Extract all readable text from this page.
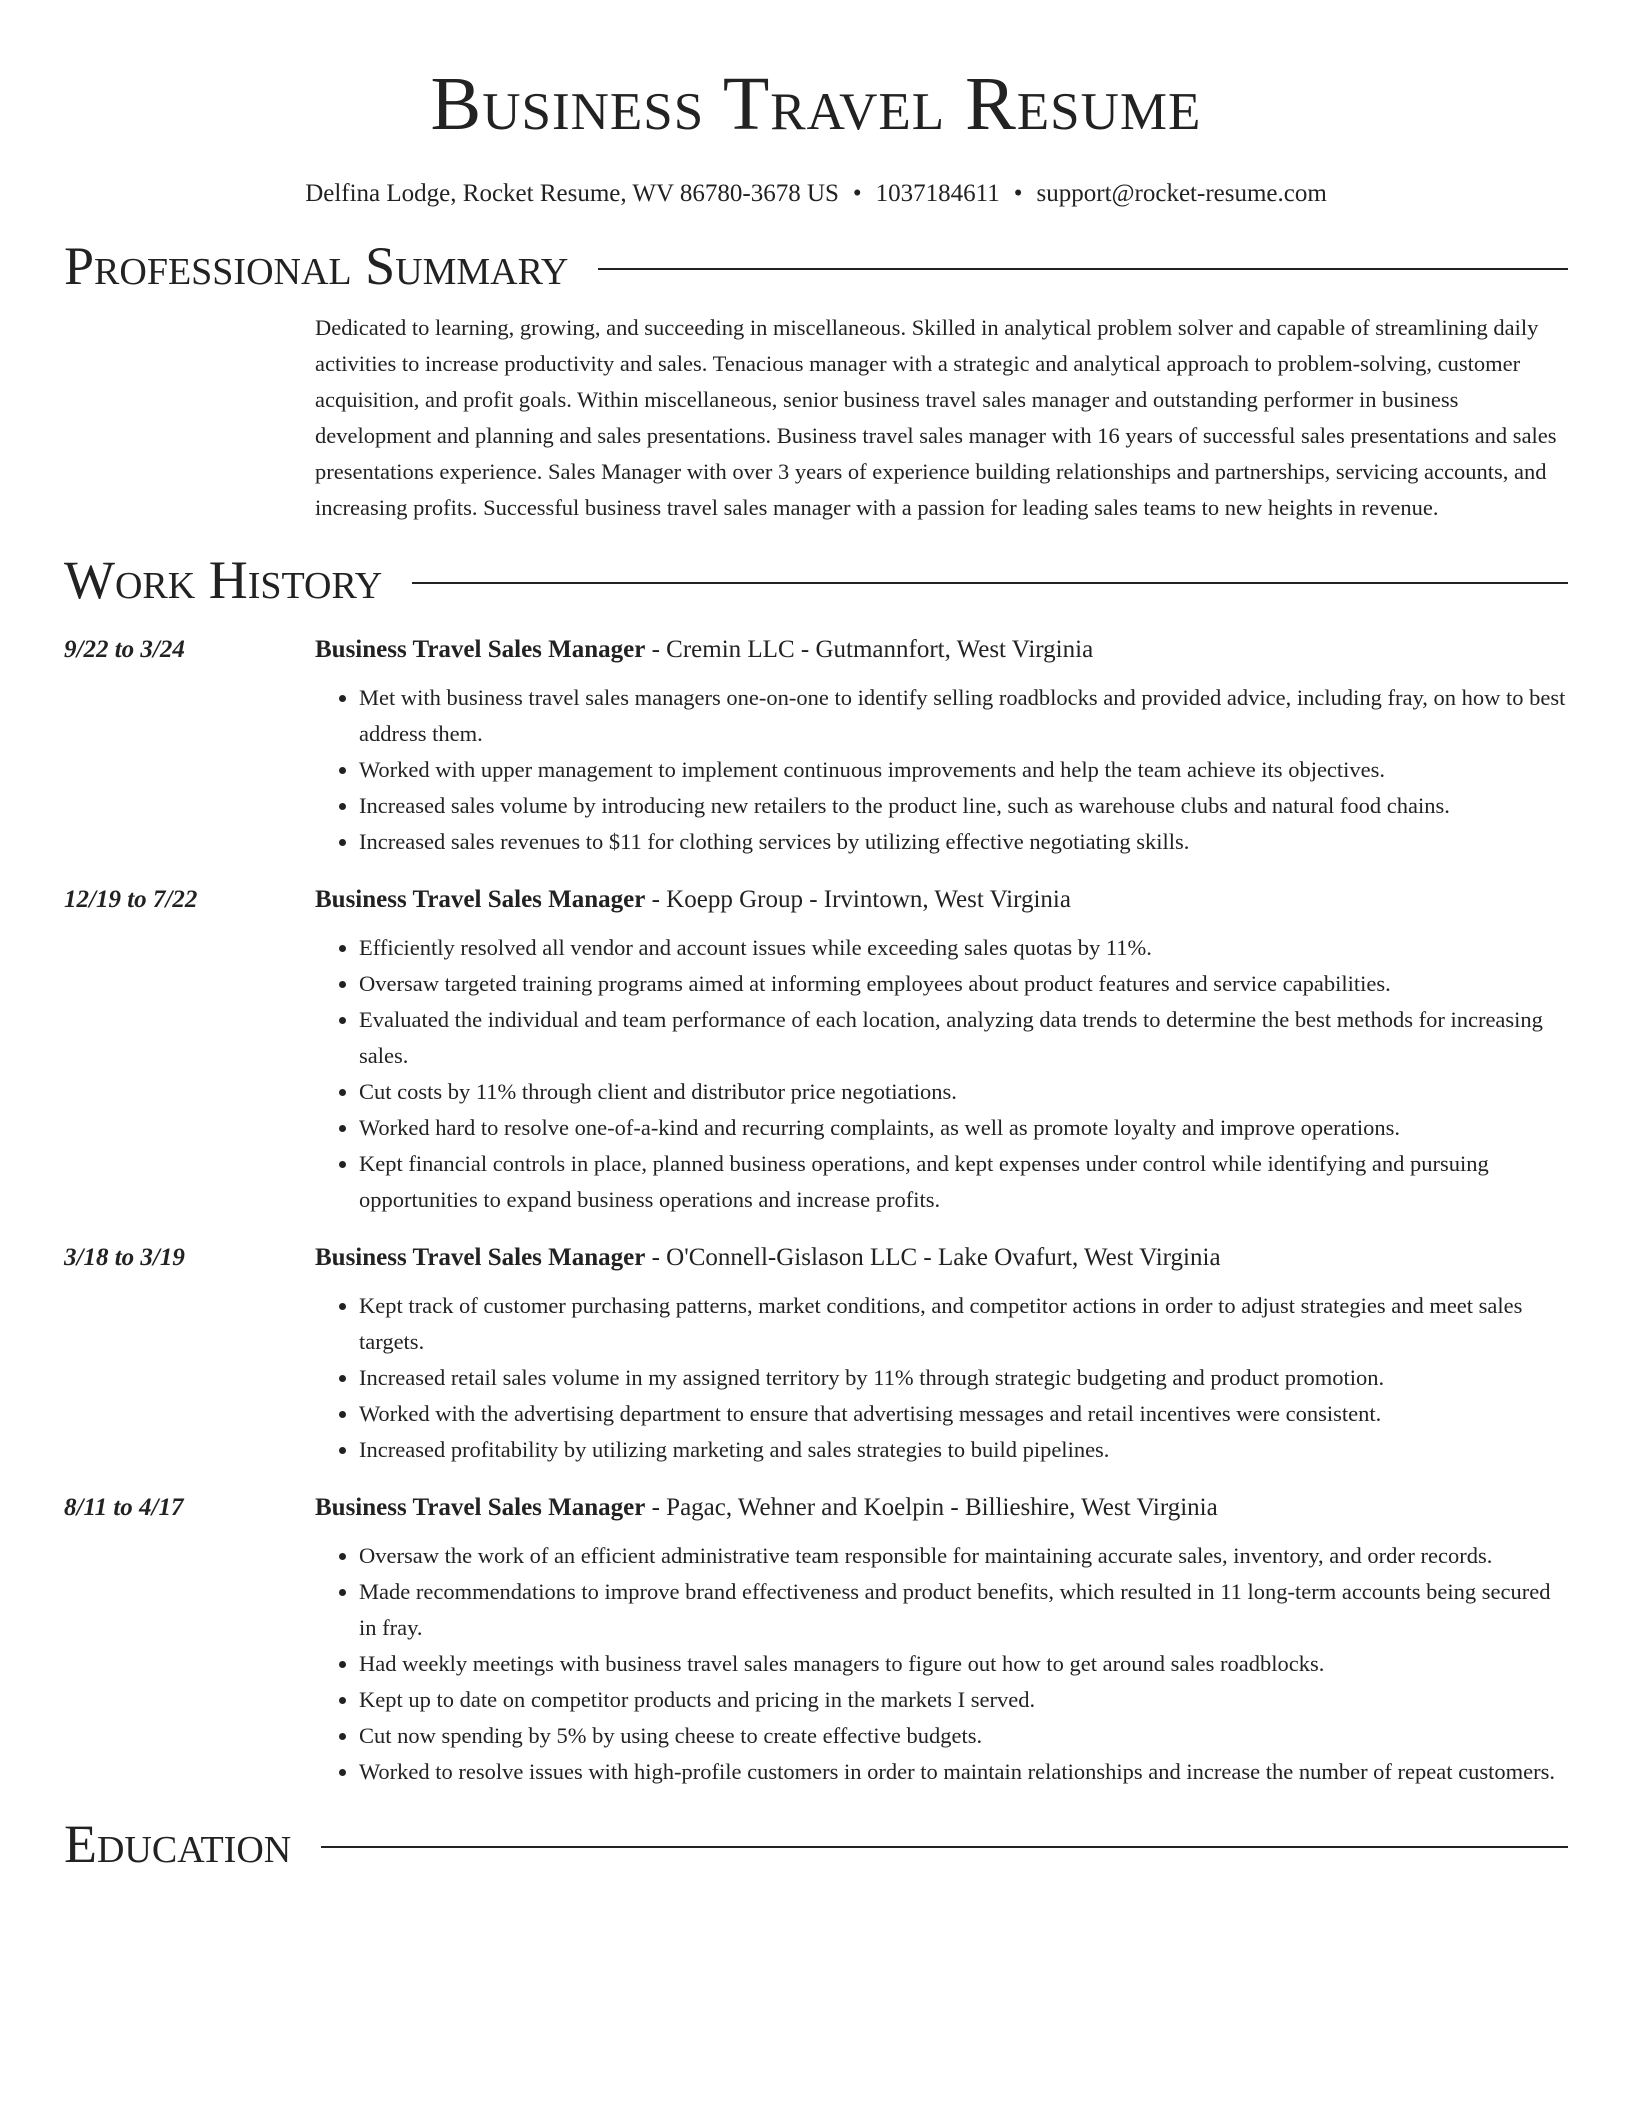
Business Travel Resume
Delfina Lodge, Rocket Resume, WV 86780-3678 US • 1037184611 • support@rocket-resume.com
Professional Summary
Dedicated to learning, growing, and succeeding in miscellaneous. Skilled in analytical problem solver and capable of streamlining daily activities to increase productivity and sales. Tenacious manager with a strategic and analytical approach to problem-solving, customer acquisition, and profit goals. Within miscellaneous, senior business travel sales manager and outstanding performer in business development and planning and sales presentations. Business travel sales manager with 16 years of successful sales presentations and sales presentations experience. Sales Manager with over 3 years of experience building relationships and partnerships, servicing accounts, and increasing profits. Successful business travel sales manager with a passion for leading sales teams to new heights in revenue.
Work History
9/22 to 3/24	Business Travel Sales Manager - Cremin LLC - Gutmannfort, West Virginia
• Met with business travel sales managers one-on-one to identify selling roadblocks and provided advice, including fray, on how to best address them.
• Worked with upper management to implement continuous improvements and help the team achieve its objectives.
• Increased sales volume by introducing new retailers to the product line, such as warehouse clubs and natural food chains.
• Increased sales revenues to $11 for clothing services by utilizing effective negotiating skills.
12/19 to 7/22	Business Travel Sales Manager - Koepp Group - Irvintown, West Virginia
• Efficiently resolved all vendor and account issues while exceeding sales quotas by 11%.
• Oversaw targeted training programs aimed at informing employees about product features and service capabilities.
• Evaluated the individual and team performance of each location, analyzing data trends to determine the best methods for increasing sales.
• Cut costs by 11% through client and distributor price negotiations.
• Worked hard to resolve one-of-a-kind and recurring complaints, as well as promote loyalty and improve operations.
• Kept financial controls in place, planned business operations, and kept expenses under control while identifying and pursuing opportunities to expand business operations and increase profits.
3/18 to 3/19	Business Travel Sales Manager - O'Connell-Gislason LLC - Lake Ovafurt, West Virginia
• Kept track of customer purchasing patterns, market conditions, and competitor actions in order to adjust strategies and meet sales targets.
• Increased retail sales volume in my assigned territory by 11% through strategic budgeting and product promotion.
• Worked with the advertising department to ensure that advertising messages and retail incentives were consistent.
• Increased profitability by utilizing marketing and sales strategies to build pipelines.
8/11 to 4/17	Business Travel Sales Manager - Pagac, Wehner and Koelpin - Billieshire, West Virginia
• Oversaw the work of an efficient administrative team responsible for maintaining accurate sales, inventory, and order records.
• Made recommendations to improve brand effectiveness and product benefits, which resulted in 11 long-term accounts being secured in fray.
• Had weekly meetings with business travel sales managers to figure out how to get around sales roadblocks.
• Kept up to date on competitor products and pricing in the markets I served.
• Cut now spending by 5% by using cheese to create effective budgets.
• Worked to resolve issues with high-profile customers in order to maintain relationships and increase the number of repeat customers.
Education
